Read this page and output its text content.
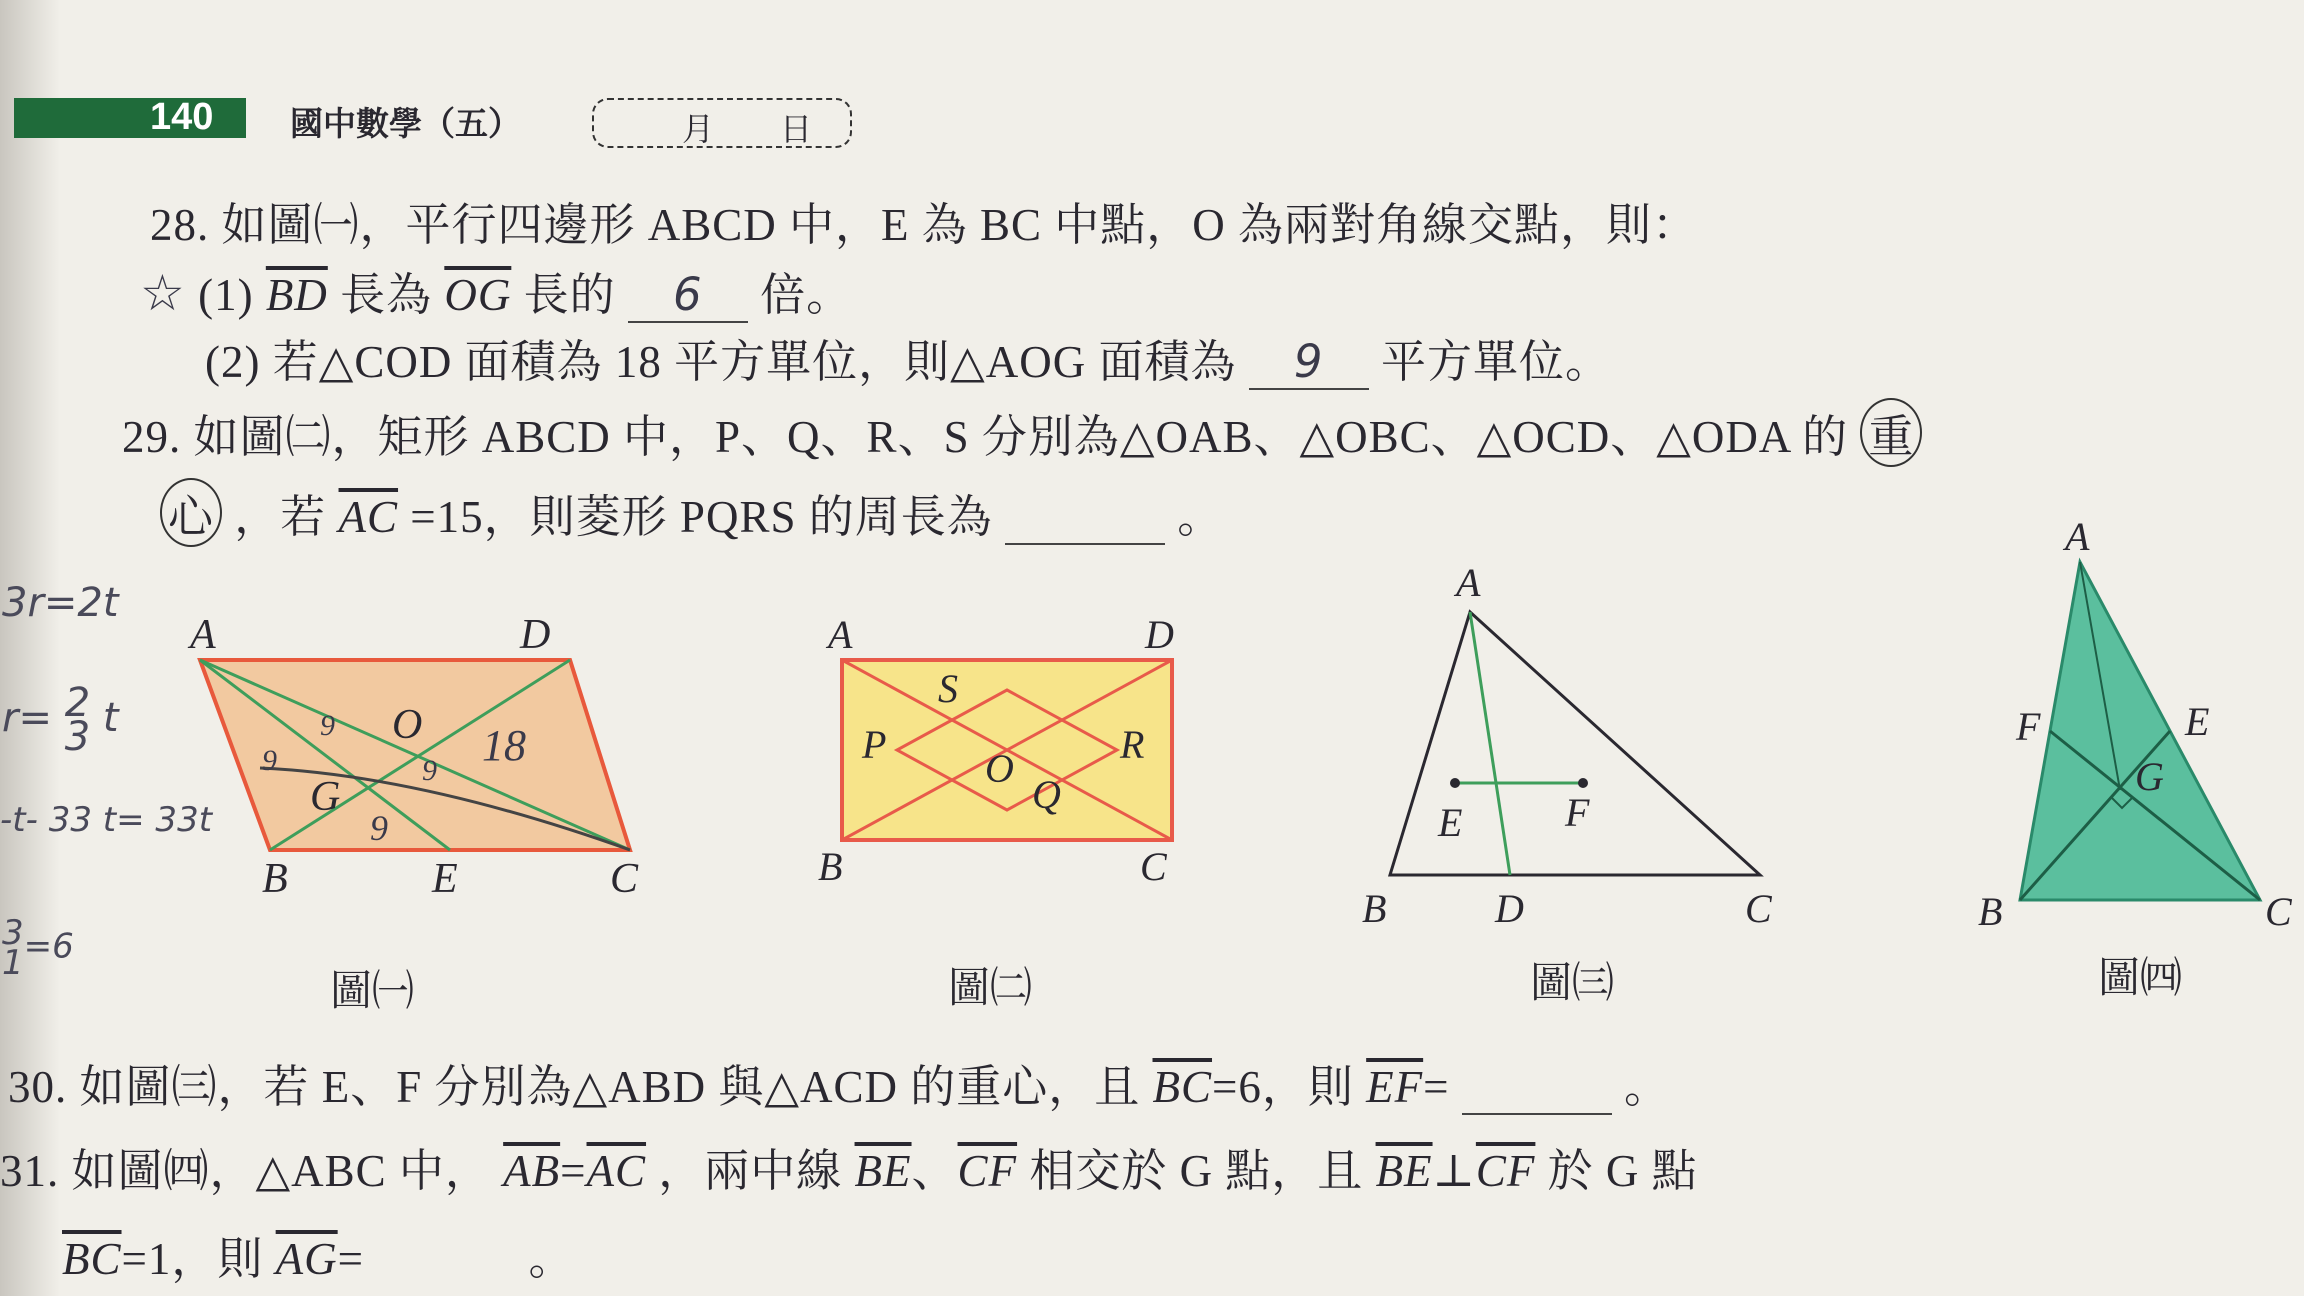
140 國中數學（五）	月 日
28. 如圖㈠，平行四邊形 ABCD 中，E 為 BC 中點，O 為兩對角線交點，則：
☆ (1) $\overline{BD}$ 長為 $\overline{OG}$ 長的 6 倍。
(2) 若△COD 面積為 18 平方單位，則△AOG 面積為 9 平方單位。
29. 如圖㈡，矩形 ABCD 中，P、Q、R、S 分別為△OAB、△OBC、△OCD、△ODA 的 重
心 ，若 $\overline{AC} =15$，則菱形 PQRS 的周長為	。
3r=2t
r= 2
3 t
-t- 33 t= 33t
3
1=6
A	D
O
G
B	E	C
9
9	9
9
18
圖㈠
A	D
S
P
O
R
Q
B	C
圖㈡
A
E	F
B	D	C
圖㈢
A
F	E
G
B	C
圖㈣
30. 如圖㈢，若 E、F 分別為△ABD 與△ACD 的重心，且 $\overline{BC}=6$，則 $\overline{EF}=$	。
31. 如圖㈣，△ABC 中， $\overline{AB}=\overline{AC}$ ，兩中線 $\overline{BE}$、$\overline{CF}$ 相交於 G 點，且 $\overline{BE}\perp\overline{CF}$ 於 G 點
$\overline{BC}=1$，則 $\overline{AG}=$	。
